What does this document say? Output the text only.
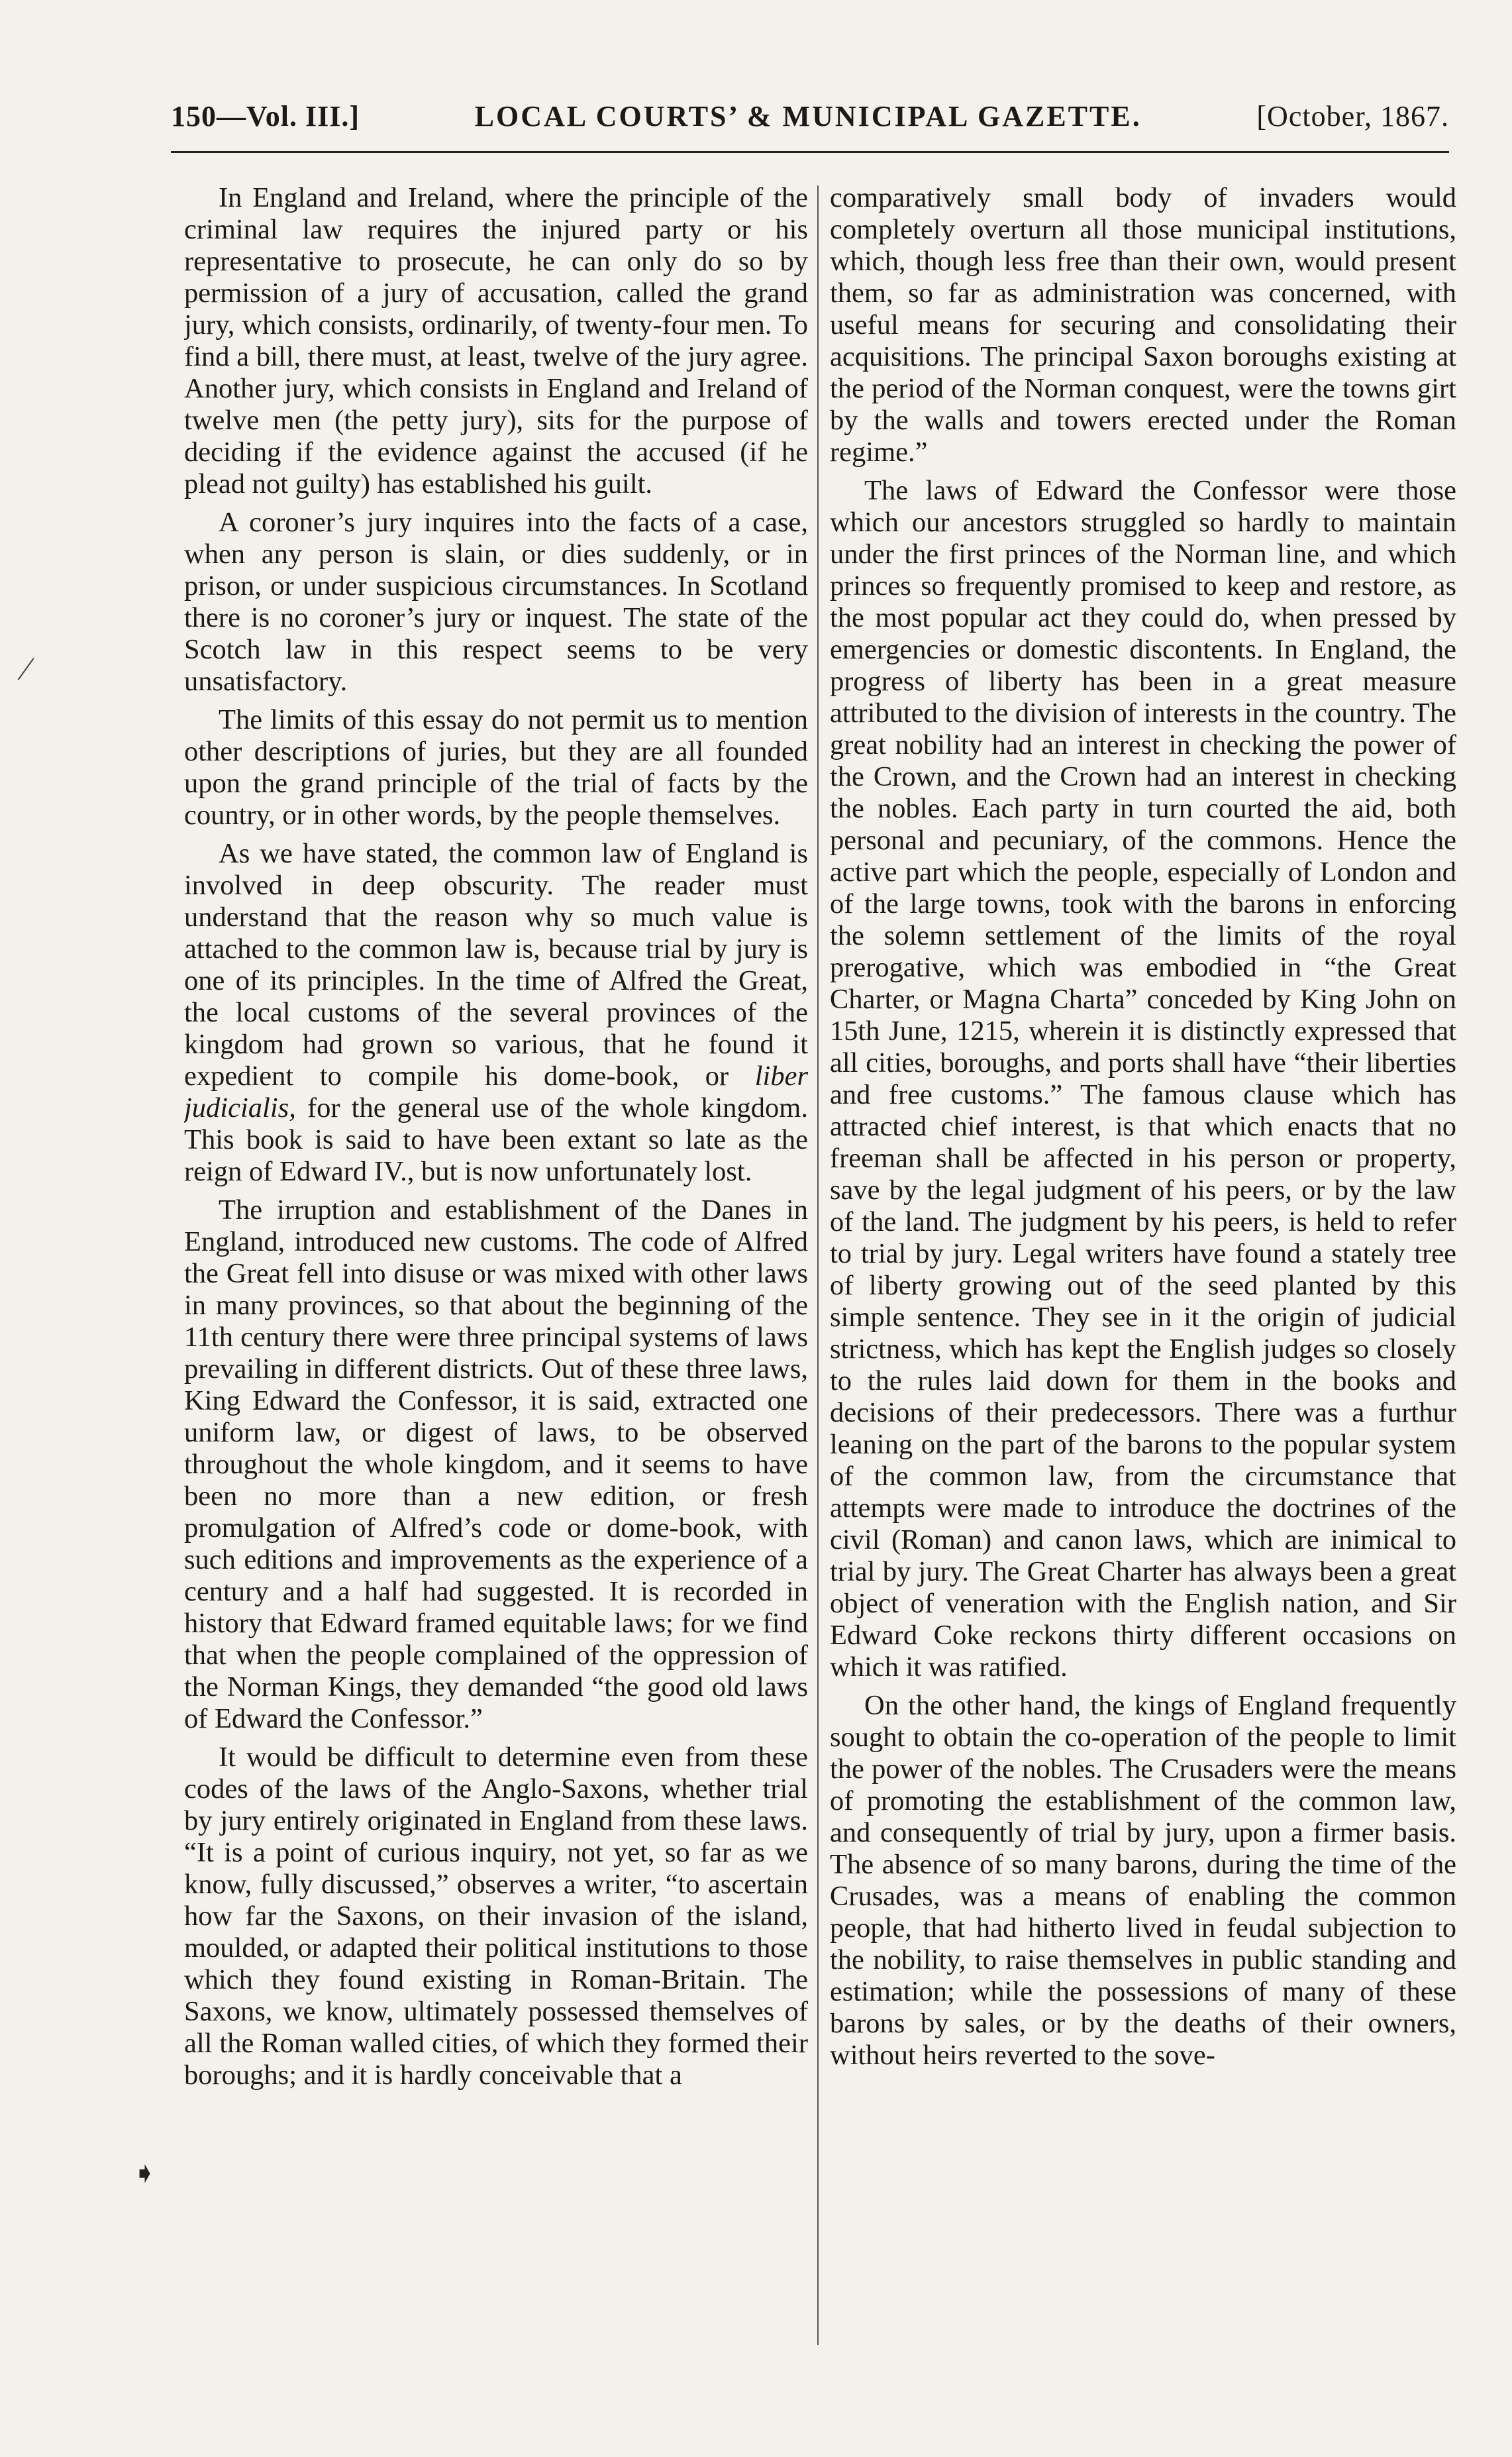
150—Vol. III.]	LOCAL COURTS’ & MUNICIPAL GAZETTE.	[October, 1867.

In England and Ireland, where the principle of the criminal law requires the injured party or his representative to prosecute, he can only do so by permission of a jury of accusation, called the grand jury, which consists, ordinarily, of twenty-four men. To find a bill, there must, at least, twelve of the jury agree. Another jury, which consists in England and Ireland of twelve men (the petty jury), sits for the purpose of deciding if the evidence against the accused (if he plead not guilty) has established his guilt.

A coroner’s jury inquires into the facts of a case, when any person is slain, or dies suddenly, or in prison, or under suspicious circumstances. In Scotland there is no coroner’s jury or inquest. The state of the Scotch law in this respect seems to be very unsatisfactory.

The limits of this essay do not permit us to mention other descriptions of juries, but they are all founded upon the grand principle of the trial of facts by the country, or in other words, by the people themselves.

As we have stated, the common law of England is involved in deep obscurity. The reader must understand that the reason why so much value is attached to the common law is, because trial by jury is one of its principles. In the time of Alfred the Great, the local customs of the several provinces of the kingdom had grown so various, that he found it expedient to compile his dome-book, or liber judicialis, for the general use of the whole kingdom. This book is said to have been extant so late as the reign of Edward IV., but is now unfortunately lost.

The irruption and establishment of the Danes in England, introduced new customs. The code of Alfred the Great fell into disuse or was mixed with other laws in many provinces, so that about the beginning of the 11th century there were three principal systems of laws prevailing in different districts. Out of these three laws, King Edward the Confessor, it is said, extracted one uniform law, or digest of laws, to be observed throughout the whole kingdom, and it seems to have been no more than a new edition, or fresh promulgation of Alfred’s code or dome-book, with such editions and improvements as the experience of a century and a half had suggested. It is recorded in history that Edward framed equitable laws; for we find that when the people complained of the oppression of the Norman Kings, they demanded “the good old laws of Edward the Confessor.”

It would be difficult to determine even from these codes of the laws of the Anglo-Saxons, whether trial by jury entirely originated in England from these laws. “It is a point of curious inquiry, not yet, so far as we know, fully discussed,” observes a writer, “to ascertain how far the Saxons, on their invasion of the island, moulded, or adapted their political institutions to those which they found existing in Roman-Britain. The Saxons, we know, ultimately possessed themselves of all the Roman walled cities, of which they formed their boroughs; and it is hardly conceivable that a

comparatively small body of invaders would completely overturn all those municipal institutions, which, though less free than their own, would present them, so far as administration was concerned, with useful means for securing and consolidating their acquisitions. The principal Saxon boroughs existing at the period of the Norman conquest, were the towns girt by the walls and towers erected under the Roman regime.”

The laws of Edward the Confessor were those which our ancestors struggled so hardly to maintain under the first princes of the Norman line, and which princes so frequently promised to keep and restore, as the most popular act they could do, when pressed by emergencies or domestic discontents. In England, the progress of liberty has been in a great measure attributed to the division of interests in the country. The great nobility had an interest in checking the power of the Crown, and the Crown had an interest in checking the nobles. Each party in turn courted the aid, both personal and pecuniary, of the commons. Hence the active part which the people, especially of London and of the large towns, took with the barons in enforcing the solemn settlement of the limits of the royal prerogative, which was embodied in “the Great Charter, or Magna Charta” conceded by King John on 15th June, 1215, wherein it is distinctly expressed that all cities, boroughs, and ports shall have “their liberties and free customs.” The famous clause which has attracted chief interest, is that which enacts that no freeman shall be affected in his person or property, save by the legal judgment of his peers, or by the law of the land. The judgment by his peers, is held to refer to trial by jury. Legal writers have found a stately tree of liberty growing out of the seed planted by this simple sentence. They see in it the origin of judicial strictness, which has kept the English judges so closely to the rules laid down for them in the books and decisions of their predecessors. There was a furthur leaning on the part of the barons to the popular system of the common law, from the circumstance that attempts were made to introduce the doctrines of the civil (Roman) and canon laws, which are inimical to trial by jury. The Great Charter has always been a great object of veneration with the English nation, and Sir Edward Coke reckons thirty different occasions on which it was ratified.

On the other hand, the kings of England frequently sought to obtain the co-operation of the people to limit the power of the nobles. The Crusaders were the means of promoting the establishment of the common law, and consequently of trial by jury, upon a firmer basis. The absence of so many barons, during the time of the Crusades, was a means of enabling the common people, that had hitherto lived in feudal subjection to the nobility, to raise themselves in public standing and estimation; while the possessions of many of these barons by sales, or by the deaths of their owners, without heirs reverted to the sove-

⁄
➧
